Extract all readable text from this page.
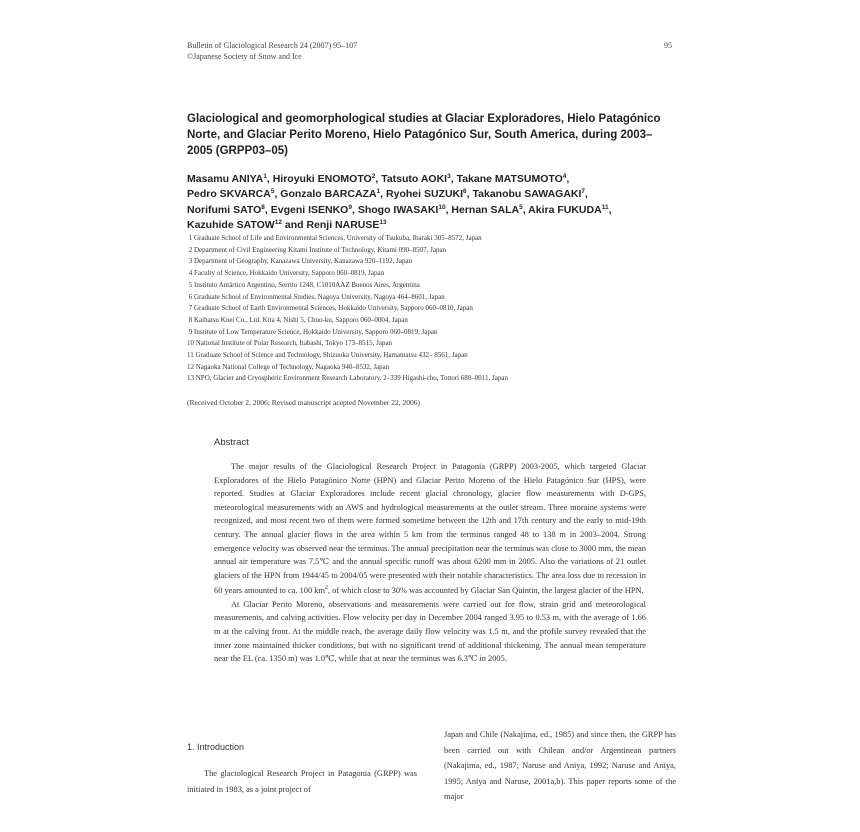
Bulletin of Glaciological Research 24 (2007) 95–107
©Japanese Society of Snow and Ice
95
Glaciological and geomorphological studies at Glaciar Exploradores, Hielo Patagónico Norte, and Glaciar Perito Moreno, Hielo Patagónico Sur, South America, during 2003–2005 (GRPP03–05)
Masamu ANIYA$^1$, Hiroyuki ENOMOTO$^2$, Tatsuto AOKI$^3$, Takane MATSUMOTO$^4$,
Pedro SKVARCA$^5$, Gonzalo BARCAZA$^1$, Ryohei SUZUKI$^6$, Takanobu SAWAGAKI$^7$,
Norifumi SATO$^8$, Evgeni ISENKO$^9$, Shogo IWASAKI$^{10}$, Hernan SALA$^5$, Akira FUKUDA$^{11}$,
Kazuhide SATOW$^{12}$ and Renji NARUSE$^{13}$
1 Graduate School of Life and Environmental Sciences, University of Tsukuba, Ibaraki 305–8572, Japan
2 Department of Civil Engineering Kitami Institute of Technology, Kitami 090–8507, Japan
3 Department of Geography, Kanazawa University, Kanazawa 920–1192, Japan
4 Faculty of Science, Hokkaido University, Sapporo 060–0819, Japan
5 Instituto Antártico Argentino, Serrito 1248, C1010AAZ Buenos Aires, Argentina
6 Graduate School of Environmental Studies, Nagoya University, Nagoya 464–8601, Japan
7 Graduate School of Earth Environmental Sciences, Hokkaido University, Sapporo 060–0810, Japan
8 Kaihatsu Koei Co., Ltd. Kita 4, Nishi 5, Chuo-ku, Sapporo 060–0004, Japan
9 Institute of Low Temperature Science, Hokkaido University, Sapporo 060–0819, Japan
10 National Institute of Polar Research, Itabashi, Tokyo 173–8515, Japan
11 Graduate School of Science and Technology, Shizuoka University, Hamamatsu 432– 8561, Japan
12 Nagaoka National College of Technology, Nagaoka 940–8532, Japan
13 NPO, Glacier and Cryospheric Environment Research Laboratory, 2–339 Higashi-cho, Tottori 680–0011, Japan
(Received October 2, 2006; Revised manuscript acepted November 22, 2006)
Abstract

The major results of the Glaciological Research Project in Patagonia (GRPP) 2003-2005, which targeted Glaciar Exploradores of the Hielo Patagónico Norte (HPN) and Glaciar Perito Moreno of the Hielo Patagónico Sur (HPS), were reported. Studies at Glaciar Exploradores include recent glacial chronology, glacier flow measurements with D-GPS, meteorological measurements with an AWS and hydrological measurements at the outlet stream. Three moraine systems were recognized, and most recent two of them were formed sometime between the 12th and 17th century and the early to mid-19th century. The annual glacier flows in the area within 5 km from the terminus ranged 48 to 138 m in 2003–2004. Strong emergence velocity was observed near the terminus. The annual precipitation near the terminus was close to 3000 mm, the mean annual air temperature was 7.5℃ and the annual specific runoff was about 6200 mm in 2005. Also the variations of 21 outlet glaciers of the HPN from 1944/45 to 2004/05 were presented with their notable characteristics. The area loss due to recession in 60 years amounted to ca. 100 $km^2$, of which close to 30% was accounted by Glaciar San Quintin, the largest glacier of the HPN.

At Glaciar Perito Moreno, observations and measurements were carried out for flow, strain grid and meteorological measurements, and calving activities. Flow velocity per day in December 2004 ranged 3.95 to 0.53 m, with the average of 1.66 m at the calving front. At the middle reach, the average daily flow velocity was 1.5 m, and the profile survey revealed that the inner zone maintained thicker conditions, but with no significant trend of additional thickening. The annual mean temperature near the EL (ca. 1350 m) was 1.0℃, while that at near the terminus was 6.3℃ in 2005.

1. Introduction

The glaciological Research Project in Patagonia (GRPP) was initiated in 1983, as a joint project of

Japan and Chile (Nakajima, ed., 1985) and since then, the GRPP has been carried out with Chilean and/or Argentinean partners (Nakajima, ed., 1987; Naruse and Aniya, 1992; Naruse and Aniya, 1995; Aniya and Naruse, 2001a,b). This paper reports some of the major
